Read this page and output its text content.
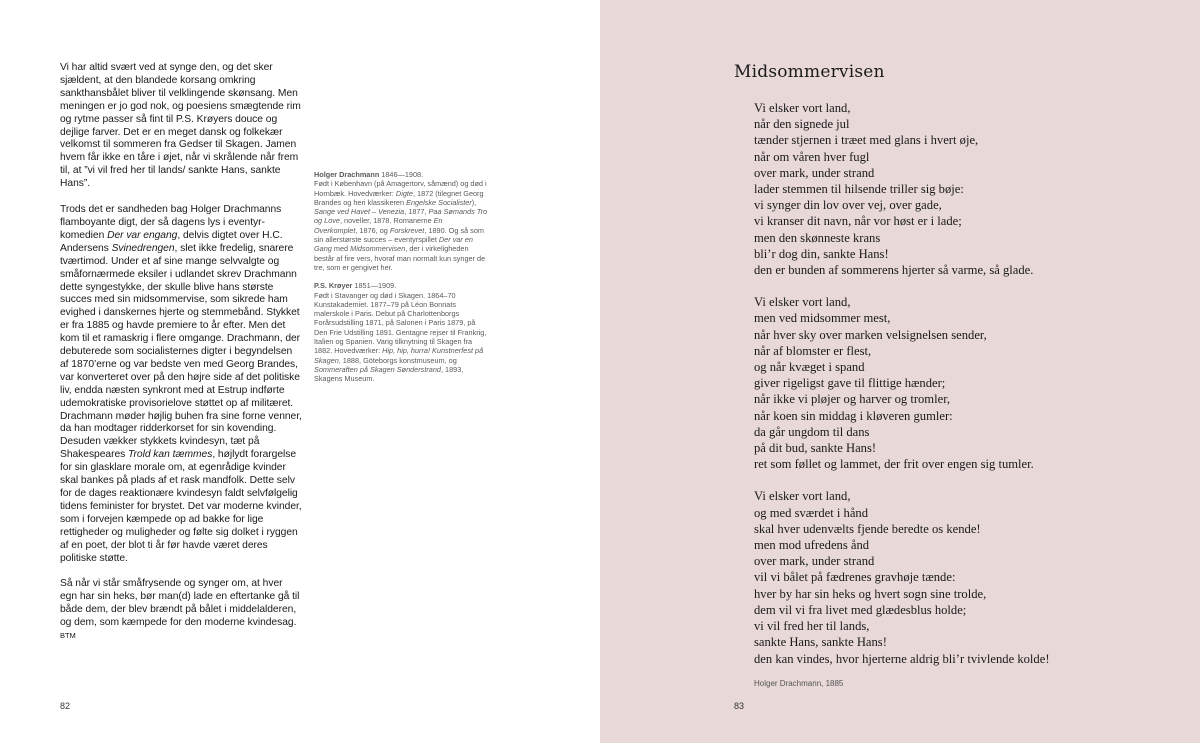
Vi har altid svært ved at synge den, og det sker sjældent, at den blandede korsang omkring sankthansbålet bliver til velklingende skønsang. Men meningen er jo god nok, og poesiens smægtende rim og rytme passer så fint til P.S. Krøyers douce og dejlige farver. Det er en meget dansk og folkekær velkomst til sommeren fra Gedser til Skagen. Jamen hvem får ikke en tåre i øjet, når vi skrålende når frem til, at ”vi vil fred her til lands/ sankte Hans, sankte Hans”.

Trods det er sandheden bag Holger Drachmanns flamboyante digt, der så dagens lys i eventyrkomedien Der var engang, delvis digtet over H.C. Andersens Svinedrengen, slet ikke fredelig, snarere tværtimod. Under et af sine mange selvvalgte og småfornærmede eksiler i udlandet skrev Drachmann dette syngestykke, der skulle blive hans største succes med sin midsommervise, som sikrede ham evighed i danskernes hjerte og stemmebånd. Stykket er fra 1885 og havde premiere to år efter. Men det kom til et ramaskrig i flere omgange. Drachmann, der debuterede som socialisternes digter i begyndelsen af 1870’erne og var bedste ven med Georg Brandes, var konverteret over på den højre side af det politiske liv, endda næsten synkront med at Estrup indførte udemokratiske provisorielove støttet op af militæret. Drachmann møder højlig buhen fra sine forne venner, da han modtager ridderkorset for sin kovending. Desuden vækker stykkets kvindesyn, tæt på Shakespeares Trold kan tæmmes, højlydt forargelse for sin glasklare morale om, at egenrådige kvinder skal bankes på plads af et rask mandfolk. Dette selv for de dages reaktionære kvindesyn faldt selvfølgelig tidens feminister for brystet. Det var moderne kvinder, som i forvejen kæmpede op ad bakke for lige rettigheder og muligheder og følte sig dolket i ryggen af en poet, der blot ti år før havde været deres politiske støtte.

Så når vi står småfrysende og synger om, at hver egn har sin heks, bør man(d) lade en eftertanke gå til både dem, der blev brændt på bålet i middelalderen, og dem, som kæmpede for den moderne kvindesag.

BTM

Holger Drachmann 1846—1908.
Født i København (på Amagertorv, såmænd) og død i Hornbæk. Hovedværker: Digte, 1872 (tilegnet Georg Brandes og heri klassikeren Engelske Socialister), Sange ved Havet – Venezia, 1877, Paa Sømands Tro og Love, noveller, 1878. Romanerne En Overkomplet, 1876, og Forskrevet, 1890. Og så som sin allerstørste succes – eventyrspillet Der var en Gang med Midsommervisen, der i virkeligheden består af fire vers, hvoraf man normalt kun synger de tre, som er gengivet her.

P.S. Krøyer 1851—1909.
Født i Stavanger og død i Skagen. 1864–70 Kunstakademiet. 1877–79 på Léon Bonnats malerskole i Paris. Debut på Charlottenborgs Forårsudstilling 1871, på Salonen i Paris 1879, på Den Frie Udstilling 1891. Gentagne rejser til Frankrig, Italien og Spanien. Varig tilknytning til Skagen fra 1882. Hovedværker: Hip, hip, hurra! Kunstnerfest på Skagen, 1888, Göteborgs konstmuseum, og Sommeraften på Skagen Sønderstrand, 1893, Skagens Museum.

82
Midsommervisen
Vi elsker vort land,
når den signede jul
tænder stjernen i træet med glans i hvert øje,
når om våren hver fugl
over mark, under strand
lader stemmen til hilsende triller sig bøje:
vi synger din lov over vej, over gade,
vi kranser dit navn, når vor høst er i lade;
men den skønneste krans
bli’r dog din, sankte Hans!
den er bunden af sommerens hjerter så varme, så glade.
Vi elsker vort land,
men ved midsommer mest,
når hver sky over marken velsignelsen sender,
når af blomster er flest,
og når kvæget i spand
giver rigeligst gave til flittige hænder;
når ikke vi pløjer og harver og tromler,
når koen sin middag i kløveren gumler:
da går ungdom til dans
på dit bud, sankte Hans!
ret som føllet og lammet, der frit over engen sig tumler.
Vi elsker vort land,
og med sværdet i hånd
skal hver udenvælts fjende beredte os kende!
men mod ufredens ånd
over mark, under strand
vil vi bålet på fædrenes gravhøje tænde:
hver by har sin heks og hvert sogn sine trolde,
dem vil vi fra livet med glædesblus holde;
vi vil fred her til lands,
sankte Hans, sankte Hans!
den kan vindes, hvor hjerterne aldrig bli’r tvivlende kolde!
Holger Drachmann, 1885
83
